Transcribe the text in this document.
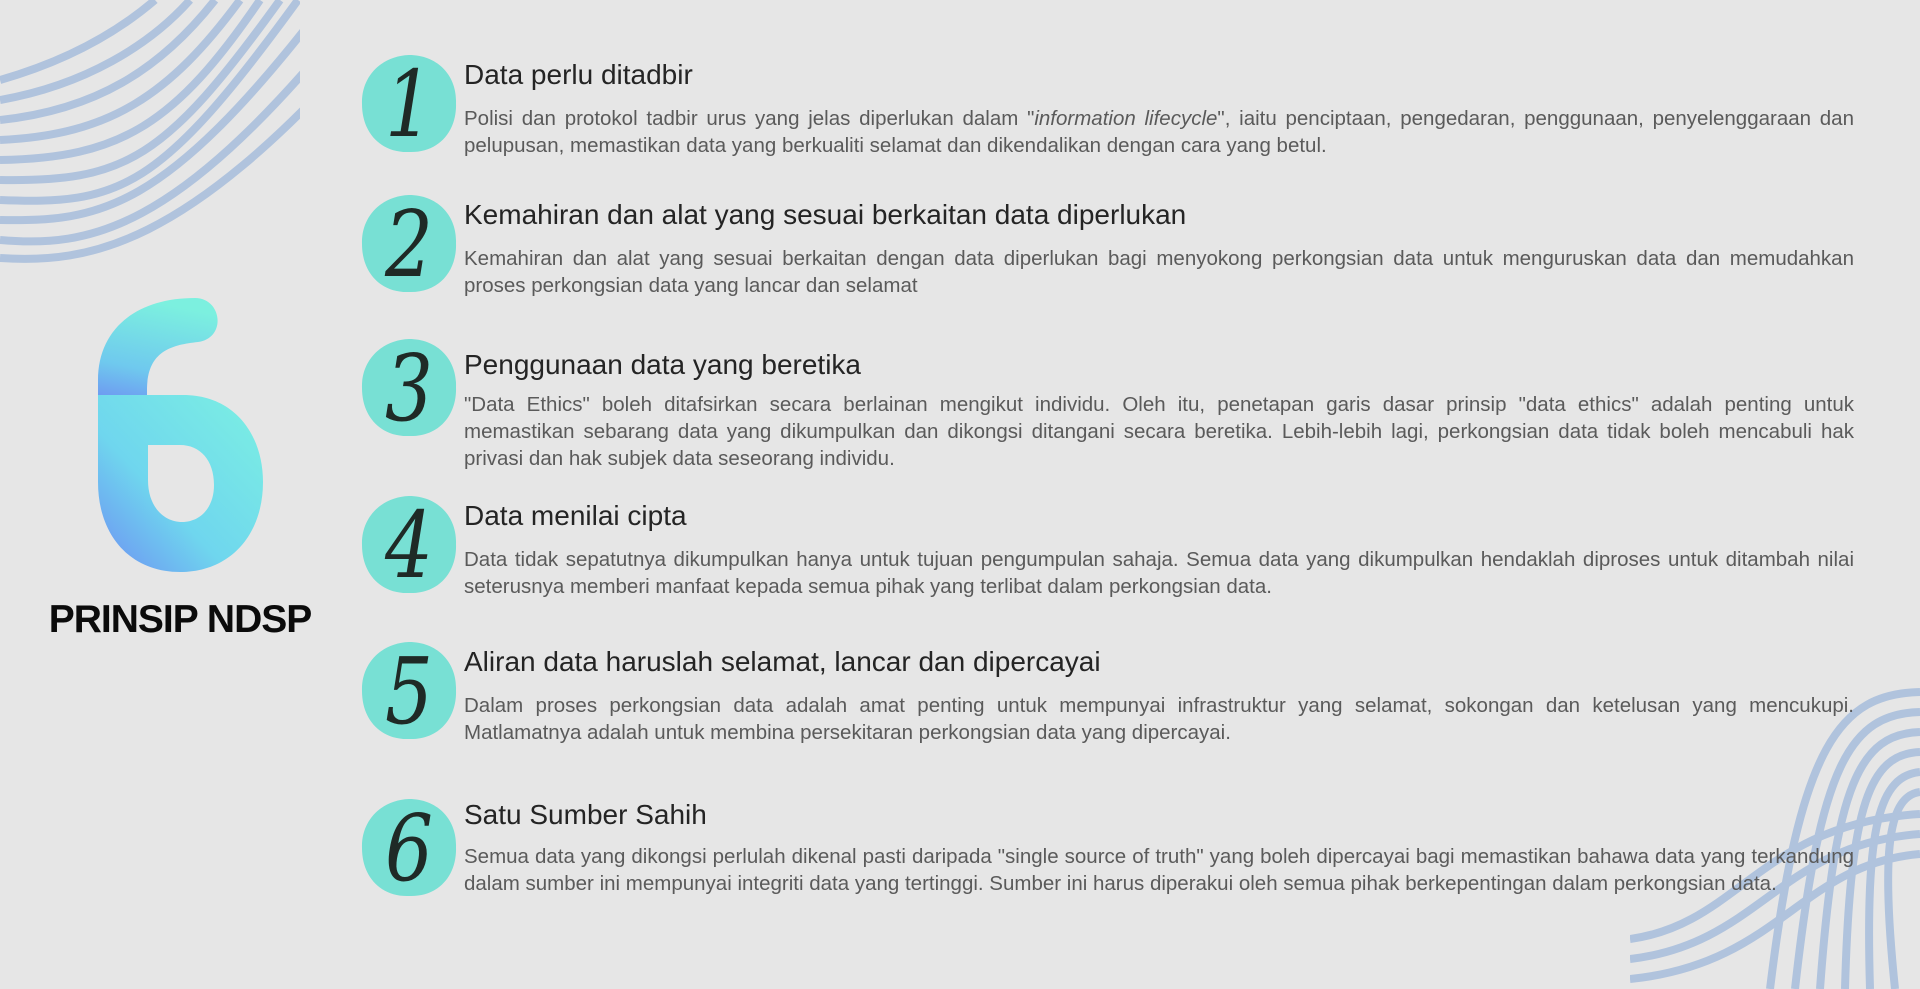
PRINSIP NDSP
1	Data perlu ditadbir
Polisi dan protokol tadbir urus yang jelas diperlukan dalam "information lifecycle", iaitu penciptaan, pengedaran, penggunaan, penyelenggaraan dan pelupusan, memastikan data yang berkualiti selamat dan dikendalikan dengan cara yang betul.
2	Kemahiran dan alat yang sesuai berkaitan data diperlukan
Kemahiran dan alat yang sesuai berkaitan dengan data diperlukan bagi menyokong perkongsian data untuk menguruskan data dan memudahkan proses perkongsian data yang lancar dan selamat
3	Penggunaan data yang beretika
"Data Ethics" boleh ditafsirkan secara berlainan mengikut individu. Oleh itu, penetapan garis dasar prinsip "data ethics" adalah penting untuk memastikan sebarang data yang dikumpulkan dan dikongsi ditangani secara beretika. Lebih-lebih lagi, perkongsian data tidak boleh mencabuli hak privasi dan hak subjek data seseorang individu.
4	Data menilai cipta
Data tidak sepatutnya dikumpulkan hanya untuk tujuan pengumpulan sahaja. Semua data yang dikumpulkan hendaklah diproses untuk ditambah nilai seterusnya memberi manfaat kepada semua pihak yang terlibat dalam perkongsian data.
5	Aliran data haruslah selamat, lancar dan dipercayai
Dalam proses perkongsian data adalah amat penting untuk mempunyai infrastruktur yang selamat, sokongan dan ketelusan yang mencukupi. Matlamatnya adalah untuk membina persekitaran perkongsian data yang dipercayai.
6	Satu Sumber Sahih
Semua data yang dikongsi perlulah dikenal pasti daripada "single source of truth" yang boleh dipercayai bagi memastikan bahawa data yang terkandung dalam sumber ini mempunyai integriti data yang tertinggi. Sumber ini harus diperakui oleh semua pihak berkepentingan dalam perkongsian data.
